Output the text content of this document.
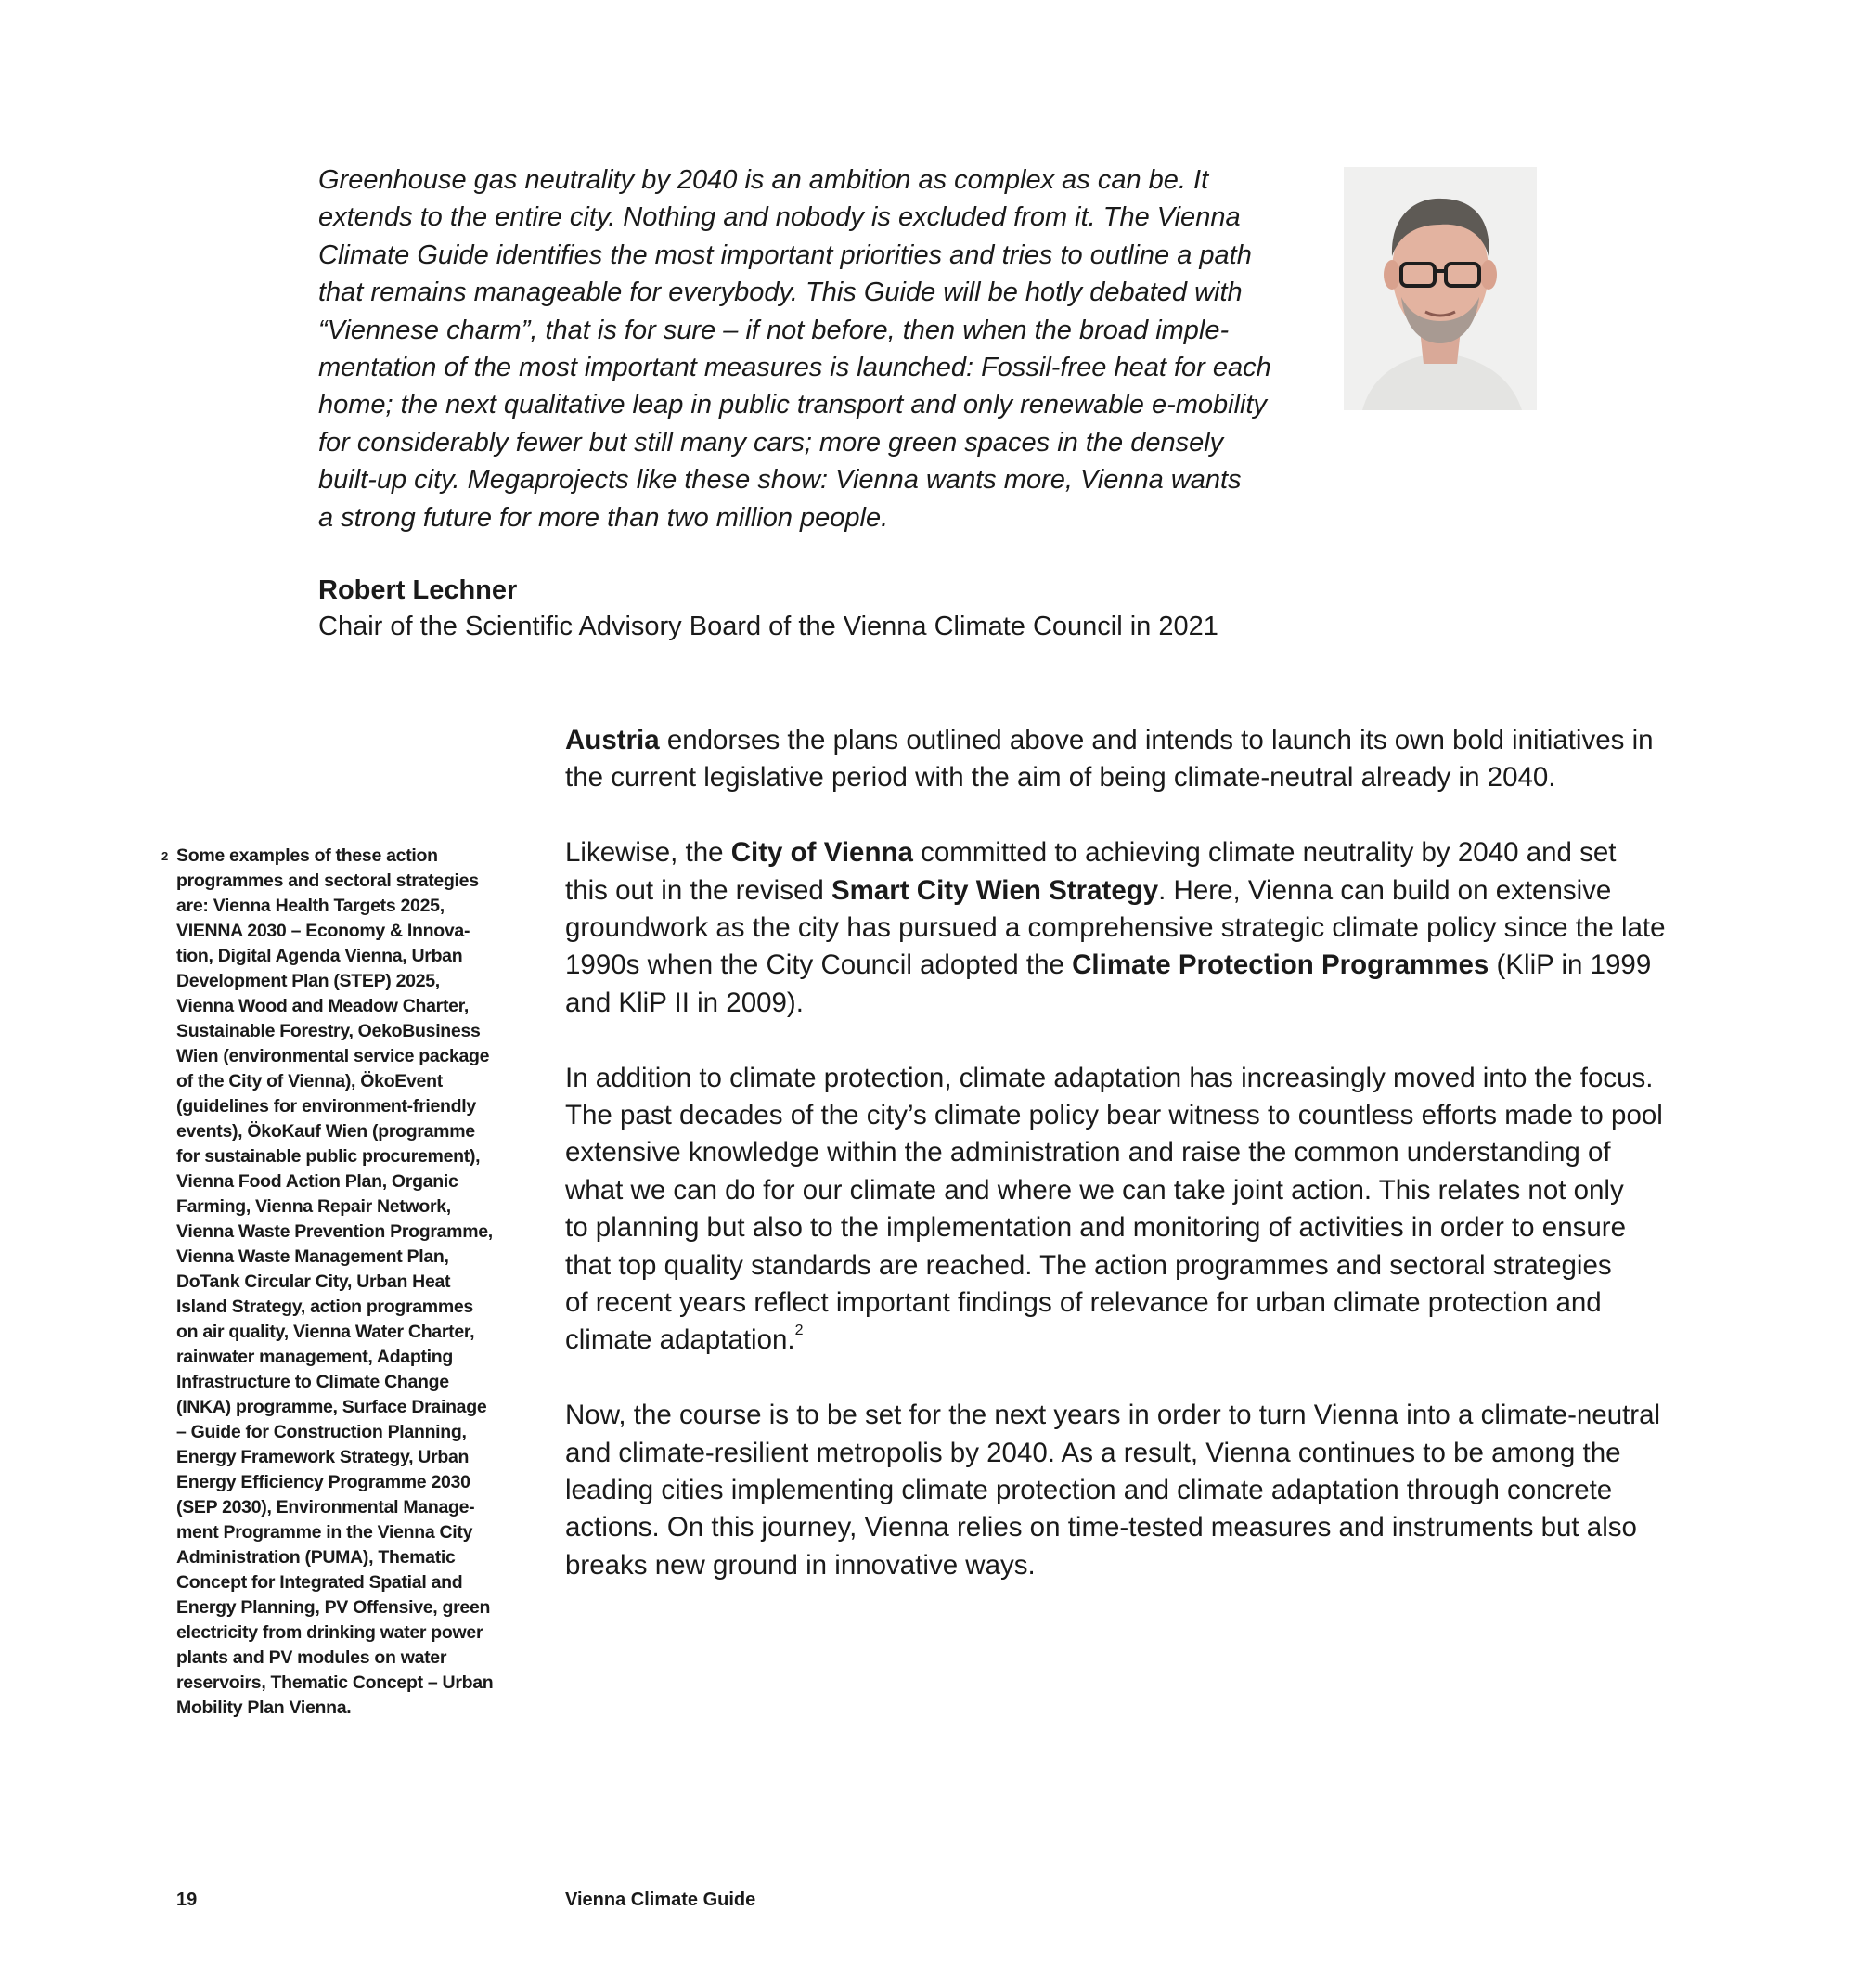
Greenhouse gas neutrality by 2040 is an ambition as complex as can be. It
extends to the entire city. Nothing and nobody is excluded from it. The Vienna
Climate Guide identifies the most important priorities and tries to outline a path
that remains manageable for everybody. This Guide will be hotly debated with
“Viennese charm”, that is for sure – if not before, then when the broad imple-
mentation of the most important measures is launched: Fossil-free heat for each
home; the next qualitative leap in public transport and only renewable e-mobility
for considerably fewer but still many cars; more green spaces in the densely
built-up city. Megaprojects like these show: Vienna wants more, Vienna wants
a strong future for more than two million people.
Robert Lechner
Chair of the Scientific Advisory Board of the Vienna Climate Council in 2021

Austria endorses the plans outlined above and intends to launch its own bold initiatives in
the current legislative period with the aim of being climate-neutral already in 2040.

Likewise, the City of Vienna committed to achieving climate neutrality by 2040 and set
this out in the revised Smart City Wien Strategy. Here, Vienna can build on extensive
groundwork as the city has pursued a comprehensive strategic climate policy since the late
1990s when the City Council adopted the Climate Protection Programmes (KliP in 1999
and KliP II in 2009).

In addition to climate protection, climate adaptation has increasingly moved into the focus.
The past decades of the city’s climate policy bear witness to countless efforts made to pool
extensive knowledge within the administration and raise the common understanding of
what we can do for our climate and where we can take joint action. This relates not only
to planning but also to the implementation and monitoring of activities in order to ensure
that top quality standards are reached. The action programmes and sectoral strategies
of recent years reflect important findings of relevance for urban climate protection and
climate adaptation.$^2$

Now, the course is to be set for the next years in order to turn Vienna into a climate-neutral
and climate-resilient metropolis by 2040. As a result, Vienna continues to be among the
leading cities implementing climate protection and climate adaptation through concrete
actions. On this journey, Vienna relies on time-tested measures and instruments but also
breaks new ground in innovative ways.

2 Some examples of these action
programmes and sectoral strategies
are: Vienna Health Targets 2025,
VIENNA 2030 – Economy & Innova-
tion, Digital Agenda Vienna, Urban
Development Plan (STEP) 2025,
Vienna Wood and Meadow Charter,
Sustainable Forestry, OekoBusiness
Wien (environmental service package
of the City of Vienna), ÖkoEvent
(guidelines for environment-friendly
events), ÖkoKauf Wien (programme
for sustainable public procurement),
Vienna Food Action Plan, Organic
Farming, Vienna Repair Network,
Vienna Waste Prevention Programme,
Vienna Waste Management Plan,
DoTank Circular City, Urban Heat
Island Strategy, action programmes
on air quality, Vienna Water Charter,
rainwater management, Adapting
Infrastructure to Climate Change
(INKA) programme, Surface Drainage
– Guide for Construction Planning,
Energy Framework Strategy, Urban
Energy Efficiency Programme 2030
(SEP 2030), Environmental Manage-
ment Programme in the Vienna City
Administration (PUMA), Thematic
Concept for Integrated Spatial and
Energy Planning, PV Offensive, green
electricity from drinking water power
plants and PV modules on water
reservoirs, Thematic Concept – Urban
Mobility Plan Vienna.
19	Vienna Climate Guide
